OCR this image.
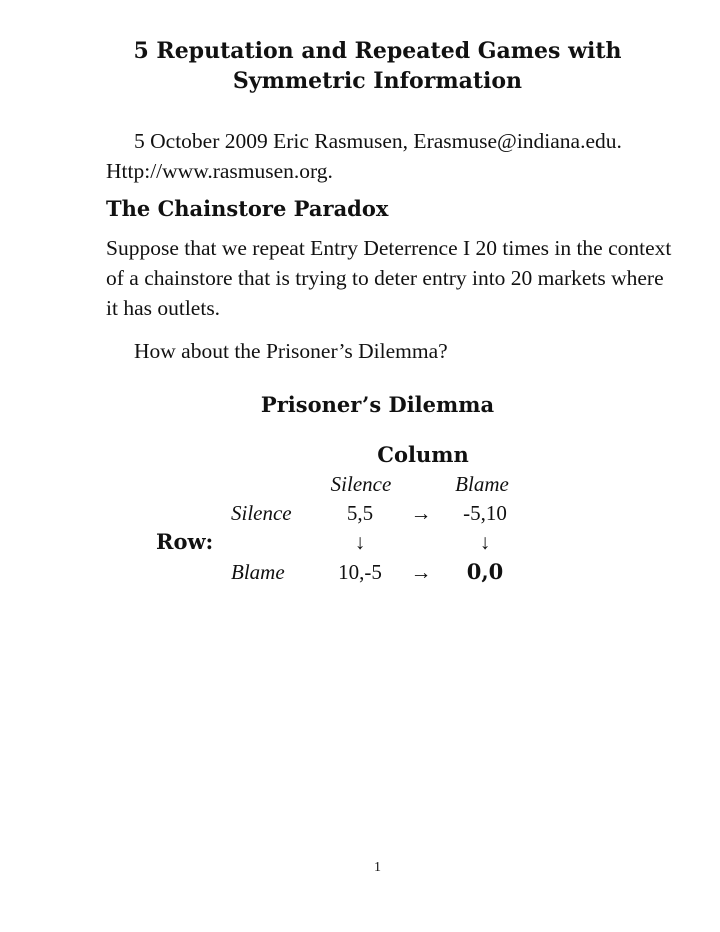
5 Reputation and Repeated Games with
Symmetric Information
5 October 2009 Eric Rasmusen, Erasmuse@indiana.edu.
Http://www.rasmusen.org.
The Chainstore Paradox
Suppose that we repeat Entry Deterrence I 20 times in the context of a chainstore that is trying to deter entry into 20 markets where it has outlets.
How about the Prisoner’s Dilemma?
Prisoner’s Dilemma
Column
Silence	Blame
Silence	5,5 → -5,10
Row:	↓	↓
Blame	10,-5 → 0,0
1
